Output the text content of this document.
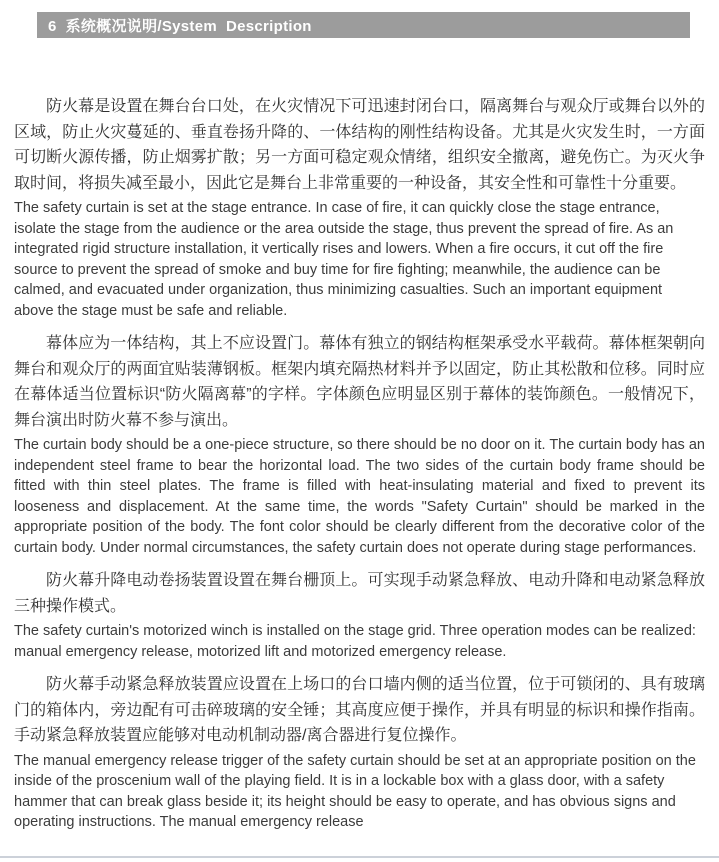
6  系统概况说明/System  Description

防火幕是设置在舞台台口处，在火灾情况下可迅速封闭台口，隔离舞台与观众厅或舞台以外的区域，防止火灾蔓延的、垂直卷扬升降的、一体结构的刚性结构设备。尤其是火灾发生时，一方面可切断火源传播，防止烟雾扩散；另一方面可稳定观众情绪，组织安全撤离，避免伤亡。为灭火争取时间，将损失减至最小，因此它是舞台上非常重要的一种设备，其安全性和可靠性十分重要。

The safety curtain is set at the stage entrance. In case of fire, it can quickly close the stage entrance, isolate the stage from the audience or the area outside the stage, thus prevent the spread of fire. As an integrated rigid structure installation, it vertically rises and lowers. When a fire occurs, it cut off the fire source to prevent the spread of smoke and buy time for fire fighting; meanwhile, the audience can be calmed, and evacuated under organization, thus minimizing casualties. Such an important equipment above the stage must be safe and reliable.

幕体应为一体结构，其上不应设置门。幕体有独立的钢结构框架承受水平载荷。幕体框架朝向舞台和观众厅的两面宜贴装薄钢板。框架内填充隔热材料并予以固定，防止其松散和位移。同时应在幕体适当位置标识“防火隔离幕”的字样。字体颜色应明显区别于幕体的装饰颜色。一般情况下，舞台演出时防火幕不参与演出。

The curtain body should be a one-piece structure, so there should be no door on it. The curtain body has an independent steel frame to bear the horizontal load. The two sides of the curtain body frame should be fitted with thin steel plates. The frame is filled with heat-insulating material and fixed to prevent its looseness and displacement. At the same time, the words "Safety Curtain" should be marked in the appropriate position of the body. The font color should be clearly different from the decorative color of the curtain body. Under normal circumstances, the safety curtain does not operate during stage performances.

防火幕升降电动卷扬装置设置在舞台栅顶上。可实现手动紧急释放、电动升降和电动紧急释放三种操作模式。

The safety curtain's motorized winch is installed on the stage grid. Three operation modes can be realized: manual emergency release, motorized lift and motorized emergency release.

防火幕手动紧急释放装置应设置在上场口的台口墙内侧的适当位置，位于可锁闭的、具有玻璃门的箱体内，旁边配有可击碎玻璃的安全锤；其高度应便于操作，并具有明显的标识和操作指南。手动紧急释放装置应能够对电动机制动器/离合器进行复位操作。

The manual emergency release trigger of the safety curtain should be set at an appropriate position on the inside of the proscenium wall of the playing field. It is in a lockable box with a glass door, with a safety hammer that can break glass beside it; its height should be easy to operate, and has obvious signs and operating instructions. The manual emergency release
